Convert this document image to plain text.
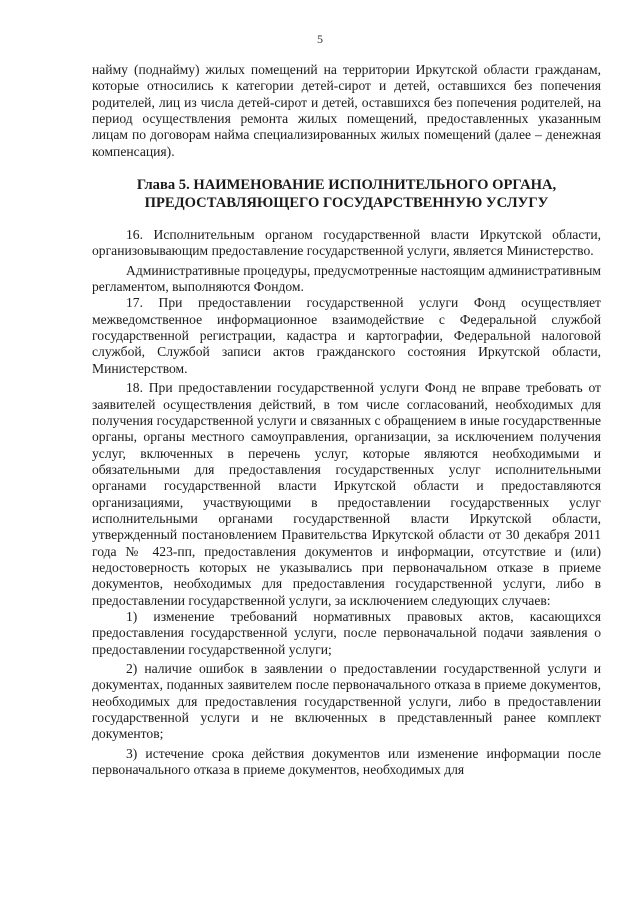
5

найму (поднайму) жилых помещений на территории Иркутской области гражданам, которые относились к категории детей-сирот и детей, оставшихся без попечения родителей, лиц из числа детей-сирот и детей, оставшихся без попечения родителей, на период осуществления ремонта жилых помещений, предоставленных указанным лицам по договорам найма специализированных жилых помещений (далее – денежная компенсация).

Глава 5. НАИМЕНОВАНИЕ ИСПОЛНИТЕЛЬНОГО ОРГАНА,
ПРЕДОСТАВЛЯЮЩЕГО ГОСУДАРСТВЕННУЮ УСЛУГУ

16. Исполнительным органом государственной власти Иркутской области, организовывающим предоставление государственной услуги, является Министерство.

Административные процедуры, предусмотренные настоящим административным регламентом, выполняются Фондом.

17. При предоставлении государственной услуги Фонд осуществляет межведомственное информационное взаимодействие с Федеральной службой государственной регистрации, кадастра и картографии, Федеральной налоговой службой, Службой записи актов гражданского состояния Иркутской области, Министерством.

18. При предоставлении государственной услуги Фонд не вправе требовать от заявителей осуществления действий, в том числе согласований, необходимых для получения государственной услуги и связанных с обращением в иные государственные органы, органы местного самоуправления, организации, за исключением получения услуг, включенных в перечень услуг, которые являются необходимыми и обязательными для предоставления государственных услуг исполнительными органами государственной власти Иркутской области и предоставляются организациями, участвующими в предоставлении государственных услуг исполнительными органами государственной власти Иркутской области, утвержденный постановлением Правительства Иркутской области от 30 декабря 2011 года № 423-пп, предоставления документов и информации, отсутствие и (или) недостоверность которых не указывались при первоначальном отказе в приеме документов, необходимых для предоставления государственной услуги, либо в предоставлении государственной услуги, за исключением следующих случаев:

1) изменение требований нормативных правовых актов, касающихся предоставления государственной услуги, после первоначальной подачи заявления о предоставлении государственной услуги;

2) наличие ошибок в заявлении о предоставлении государственной услуги и документах, поданных заявителем после первоначального отказа в приеме документов, необходимых для предоставления государственной услуги, либо в предоставлении государственной услуги и не включенных в представленный ранее комплект документов;

3) истечение срока действия документов или изменение информации после первоначального отказа в приеме документов, необходимых для
